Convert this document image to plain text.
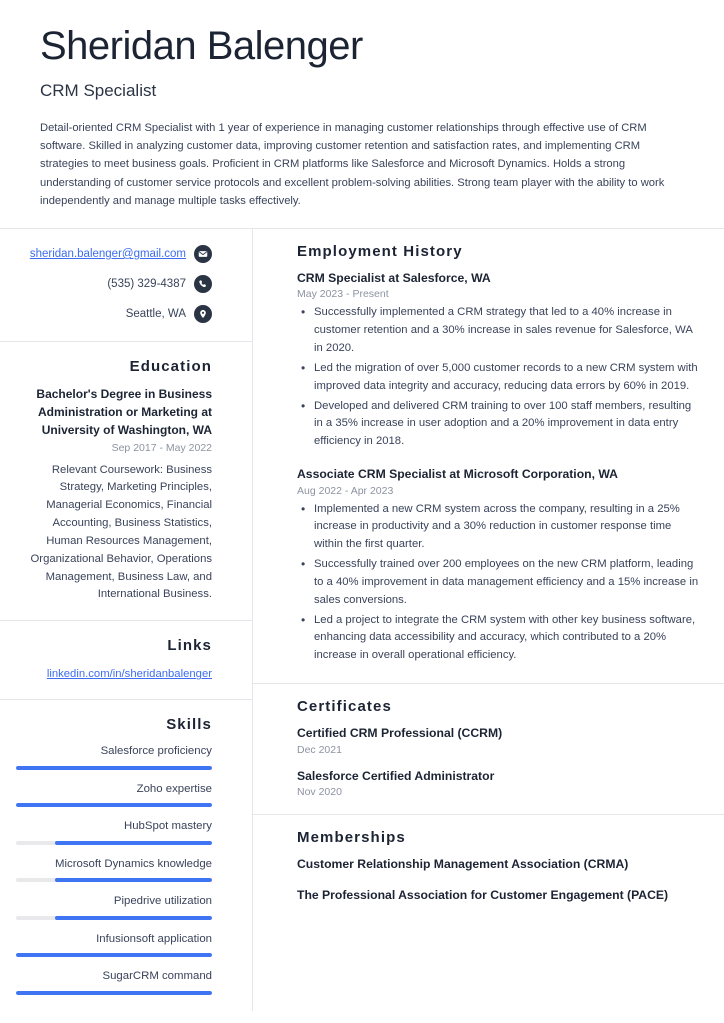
Sheridan Balenger
CRM Specialist

Detail-oriented CRM Specialist with 1 year of experience in managing customer relationships through effective use of CRM software. Skilled in analyzing customer data, improving customer retention and satisfaction rates, and implementing CRM strategies to meet business goals. Proficient in CRM platforms like Salesforce and Microsoft Dynamics. Holds a strong understanding of customer service protocols and excellent problem-solving abilities. Strong team player with the ability to work independently and manage multiple tasks effectively.

sheridan.balenger@gmail.com
(535) 329-4387
Seattle, WA
Education
Bachelor's Degree in Business Administration or Marketing at University of Washington, WA
Sep 2017 - May 2022
Relevant Coursework: Business Strategy, Marketing Principles, Managerial Economics, Financial Accounting, Business Statistics, Human Resources Management, Organizational Behavior, Operations Management, Business Law, and International Business.
Links
linkedin.com/in/sheridanbalenger
Skills
Salesforce proficiency
Zoho expertise
HubSpot mastery
Microsoft Dynamics knowledge
Pipedrive utilization
Infusionsoft application
SugarCRM command
Employment History
CRM Specialist at Salesforce, WA
May 2023 - Present
• Successfully implemented a CRM strategy that led to a 40% increase in customer retention and a 30% increase in sales revenue for Salesforce, WA in 2020.
• Led the migration of over 5,000 customer records to a new CRM system with improved data integrity and accuracy, reducing data errors by 60% in 2019.
• Developed and delivered CRM training to over 100 staff members, resulting in a 35% increase in user adoption and a 20% improvement in data entry efficiency in 2018.
Associate CRM Specialist at Microsoft Corporation, WA
Aug 2022 - Apr 2023
• Implemented a new CRM system across the company, resulting in a 25% increase in productivity and a 30% reduction in customer response time within the first quarter.
• Successfully trained over 200 employees on the new CRM platform, leading to a 40% improvement in data management efficiency and a 15% increase in sales conversions.
• Led a project to integrate the CRM system with other key business software, enhancing data accessibility and accuracy, which contributed to a 20% increase in overall operational efficiency.
Certificates
Certified CRM Professional (CCRM)
Dec 2021
Salesforce Certified Administrator
Nov 2020
Memberships
Customer Relationship Management Association (CRMA)
The Professional Association for Customer Engagement (PACE)
